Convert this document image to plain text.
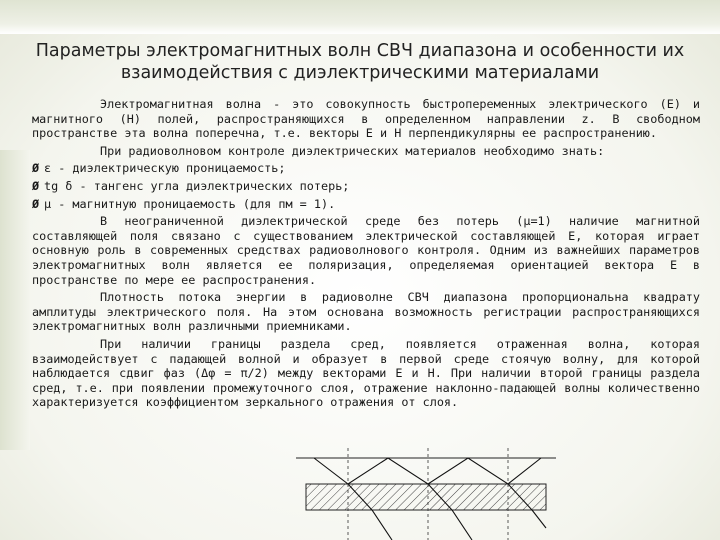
Параметры электромагнитных волн СВЧ диапазона и особенности их
взаимодействия с диэлектрическими материалами

Электромагнитная волна - это совокупность быстропеременных электрического (E) и магнитного (H) полей, распространяющихся в определенном направлении z. В свободном пространстве эта волна поперечна, т.е. векторы Е и Н перпендикулярны ее распространению.

При радиоволновом контроле диэлектрических материалов необходимо знать:

Ø ε - диэлектрическую проницаемость;
Ø tg δ - тангенс угла диэлектрических потерь;
Ø μ - магнитную проницаемость (для пм = 1).

В неограниченной диэлектрической среде без потерь (μ=1) наличие магнитной составляющей поля связано с существованием электрической составляющей Е, которая играет основную роль в современных средствах радиоволнового контроля. Одним из важнейших параметров электромагнитных волн является ее поляризация, определяемая ориентацией вектора Е в пространстве по мере ее распространения.

Плотность потока энергии в радиоволне СВЧ диапазона пропорциональна квадрату амплитуды электрического поля. На этом основана возможность регистрации распространяющихся электромагнитных волн различными приемниками.

При наличии границы раздела сред, появляется отраженная волна, которая взаимодействует с падающей волной и образует в первой среде стоячую волну, для которой наблюдается сдвиг фаз (Δφ = π/2) между векторами Е и Н. При наличии второй границы раздела сред, т.е. при появлении промежуточного слоя, отражение наклонно-падающей волны количественно характеризуется коэффициентом зеркального отражения от слоя.
